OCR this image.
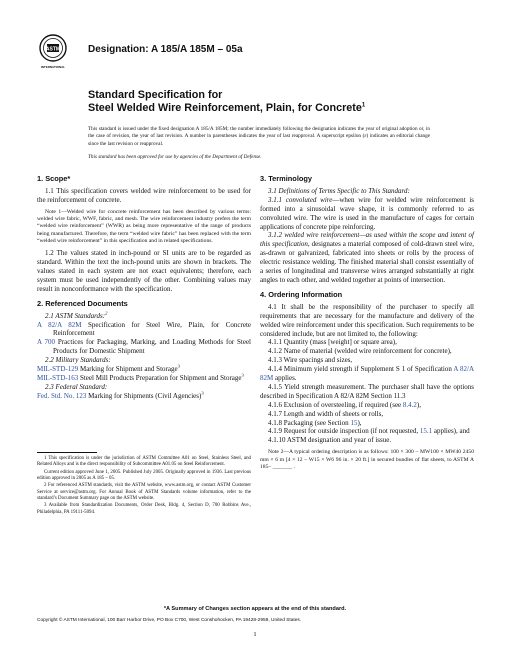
ASTM
INTERNATIONAL
Designation: A 185/A 185M – 05a
Standard Specification for
Steel Welded Wire Reinforcement, Plain, for Concrete$^1$
This standard is issued under the fixed designation A 185/A 185M; the number immediately following the designation indicates the year of original adoption or, in the case of revision, the year of last revision. A number in parentheses indicates the year of last reapproval. A superscript epsilon (ε) indicates an editorial change since the last revision or reapproval.
This standard has been approved for use by agencies of the Department of Defense.
1. Scope*

1.1 This specification covers welded wire reinforcement to be used for the reinforcement of concrete.

Note 1—Welded wire for concrete reinforcement has been described by various terms: welded wire fabric, WWF, fabric, and mesh. The wire reinforcement industry prefers the term “welded wire reinforcement” (WWR) as being more representative of the range of products being manufactured. Therefore, the term “welded wire fabric” has been replaced with the term “welded wire reinforcement” in this specification and in related specifications.

1.2 The values stated in inch-pound or SI units are to be regarded as standard. Within the text the inch-pound units are shown in brackets. The values stated in each system are not exact equivalents; therefore, each system must be used independently of the other. Combining values may result in nonconformance with the specification.

2. Referenced Documents

2.1 ASTM Standards:$^2$

A 82/A 82M Specification for Steel Wire, Plain, for Concrete Reinforcement

A 700 Practices for Packaging, Marking, and Loading Methods for Steel Products for Domestic Shipment

2.2 Military Standards:

MIL-STD-129 Marking for Shipment and Storage$^3$

MIL-STD-163 Steel Mill Products Preparation for Shipment and Storage$^3$

2.3 Federal Standard:

Fed. Std. No. 123 Marking for Shipments (Civil Agencies)$^3$

1 This specification is under the jurisdiction of ASTM Committee A01 on Steel, Stainless Steel, and Related Alloys and is the direct responsibility of Subcommittee A01.05 on Steel Reinforcement.

Current edition approved June 1, 2005. Published July 2005. Originally approved in 1936. Last previous edition approved in 2005 as A 185 – 05.

2 For referenced ASTM standards, visit the ASTM website, www.astm.org, or contact ASTM Customer Service at service@astm.org. For Annual Book of ASTM Standards volume information, refer to the standard’s Document Summary page on the ASTM website.

3 Available from Standardization Documents, Order Desk, Bldg. 4, Section D, 700 Robbins Ave., Philadelphia, PA 19111-5094.

3. Terminology

3.1 Definitions of Terms Specific to This Standard:

3.1.1 convoluted wire—when wire for welded wire reinforcement is formed into a sinusoidal wave shape, it is commonly referred to as convoluted wire. The wire is used in the manufacture of cages for certain applications of concrete pipe reinforcing.

3.1.2 welded wire reinforcement—as used within the scope and intent of this specification, designates a material composed of cold-drawn steel wire, as-drawn or galvanized, fabricated into sheets or rolls by the process of electric resistance welding. The finished material shall consist essentially of a series of longitudinal and transverse wires arranged substantially at right angles to each other, and welded together at points of intersection.

4. Ordering Information

4.1 It shall be the responsibility of the purchaser to specify all requirements that are necessary for the manufacture and delivery of the welded wire reinforcement under this specification. Such requirements to be considered include, but are not limited to, the following:

4.1.1 Quantity (mass [weight] or square area),

4.1.2 Name of material (welded wire reinforcement for concrete),

4.1.3 Wire spacings and sizes,

4.1.4 Minimum yield strength if Supplement S 1 of Specification A 82/A 82M applies.

4.1.5 Yield strength measurement. The purchaser shall have the options described in Specification A 82/A 82M Section 11.3

4.1.6 Exclusion of oversteeling, if required (see 8.4.2),

4.1.7 Length and width of sheets or rolls,

4.1.8 Packaging (see Section 15),

4.1.9 Request for outside inspection (if not requested, 15.1 applies), and

4.1.10 ASTM designation and year of issue.

Note 2—A typical ordering description is as follows: 100 × 300 – MW100 × MW40 2450 mm × 6 m [4 × 12 – W15 × W6 96 in. × 20 ft.] in secured bundles of flat sheets, to ASTM A 185– _______ .

*A Summary of Changes section appears at the end of this standard.
Copyright © ASTM International, 100 Barr Harbor Drive, PO Box C700, West Conshohocken, PA 19428-2959, United States.
1
